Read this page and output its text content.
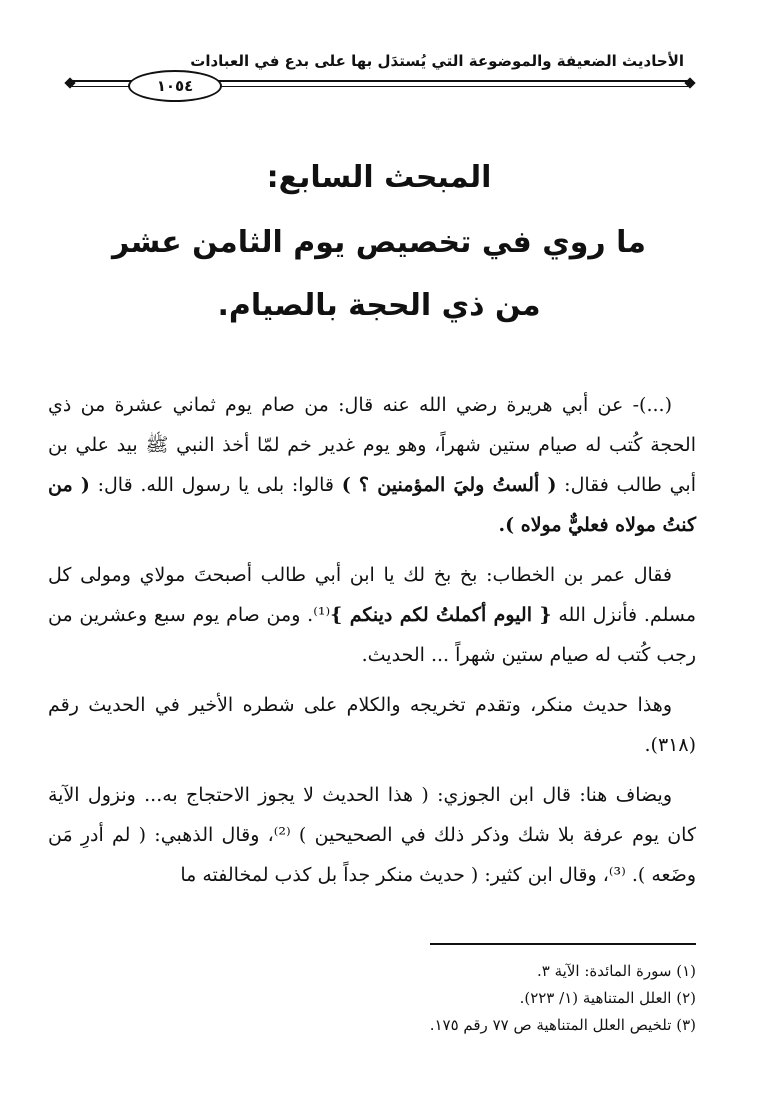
الأحاديث الضعيفة والموضوعة التي يُستدَل بها على بدع في العبادات
١٠٥٤
المبحث السابع:
ما روي في تخصيص يوم الثامن عشر
من ذي الحجة بالصيام.

(...)- عن أبي هريرة رضي الله عنه قال: من صام يوم ثماني عشرة من ذي الحجة كُتب له صيام ستين شهراً، وهو يوم غدير خم لمّا أخذ النبي ﷺ بيد علي بن أبي طالب فقال: ( ألستُ وليَ المؤمنين ؟ ) قالوا: بلى يا رسول الله. قال: ( من كنتُ مولاه فعليٌّ مولاه ).

فقال عمر بن الخطاب: بخ بخ لك يا ابن أبي طالب أصبحتَ مولاي ومولى كل مسلم. فأنزل الله { اليوم أكملتُ لكم دينكم }⁽¹⁾. ومن صام يوم سبع وعشرين من رجب كُتب له صيام ستين شهراً ... الحديث.

وهذا حديث منكر، وتقدم تخريجه والكلام على شطره الأخير في الحديث رقم (٣١٨).

ويضاف هنا: قال ابن الجوزي: ( هذا الحديث لا يجوز الاحتجاج به... ونزول الآية كان يوم عرفة بلا شك وذكر ذلك في الصحيحين ) ⁽²⁾، وقال الذهبي: ( لم أدرِ مَن وضَعه ). ⁽³⁾، وقال ابن كثير: ( حديث منكر جداً بل كذب لمخالفته ما

(١) سورة المائدة: الآية ٣.
(٢) العلل المتناهية (١/ ٢٢٣).
(٣) تلخيص العلل المتناهية ص ٧٧ رقم ١٧٥.
